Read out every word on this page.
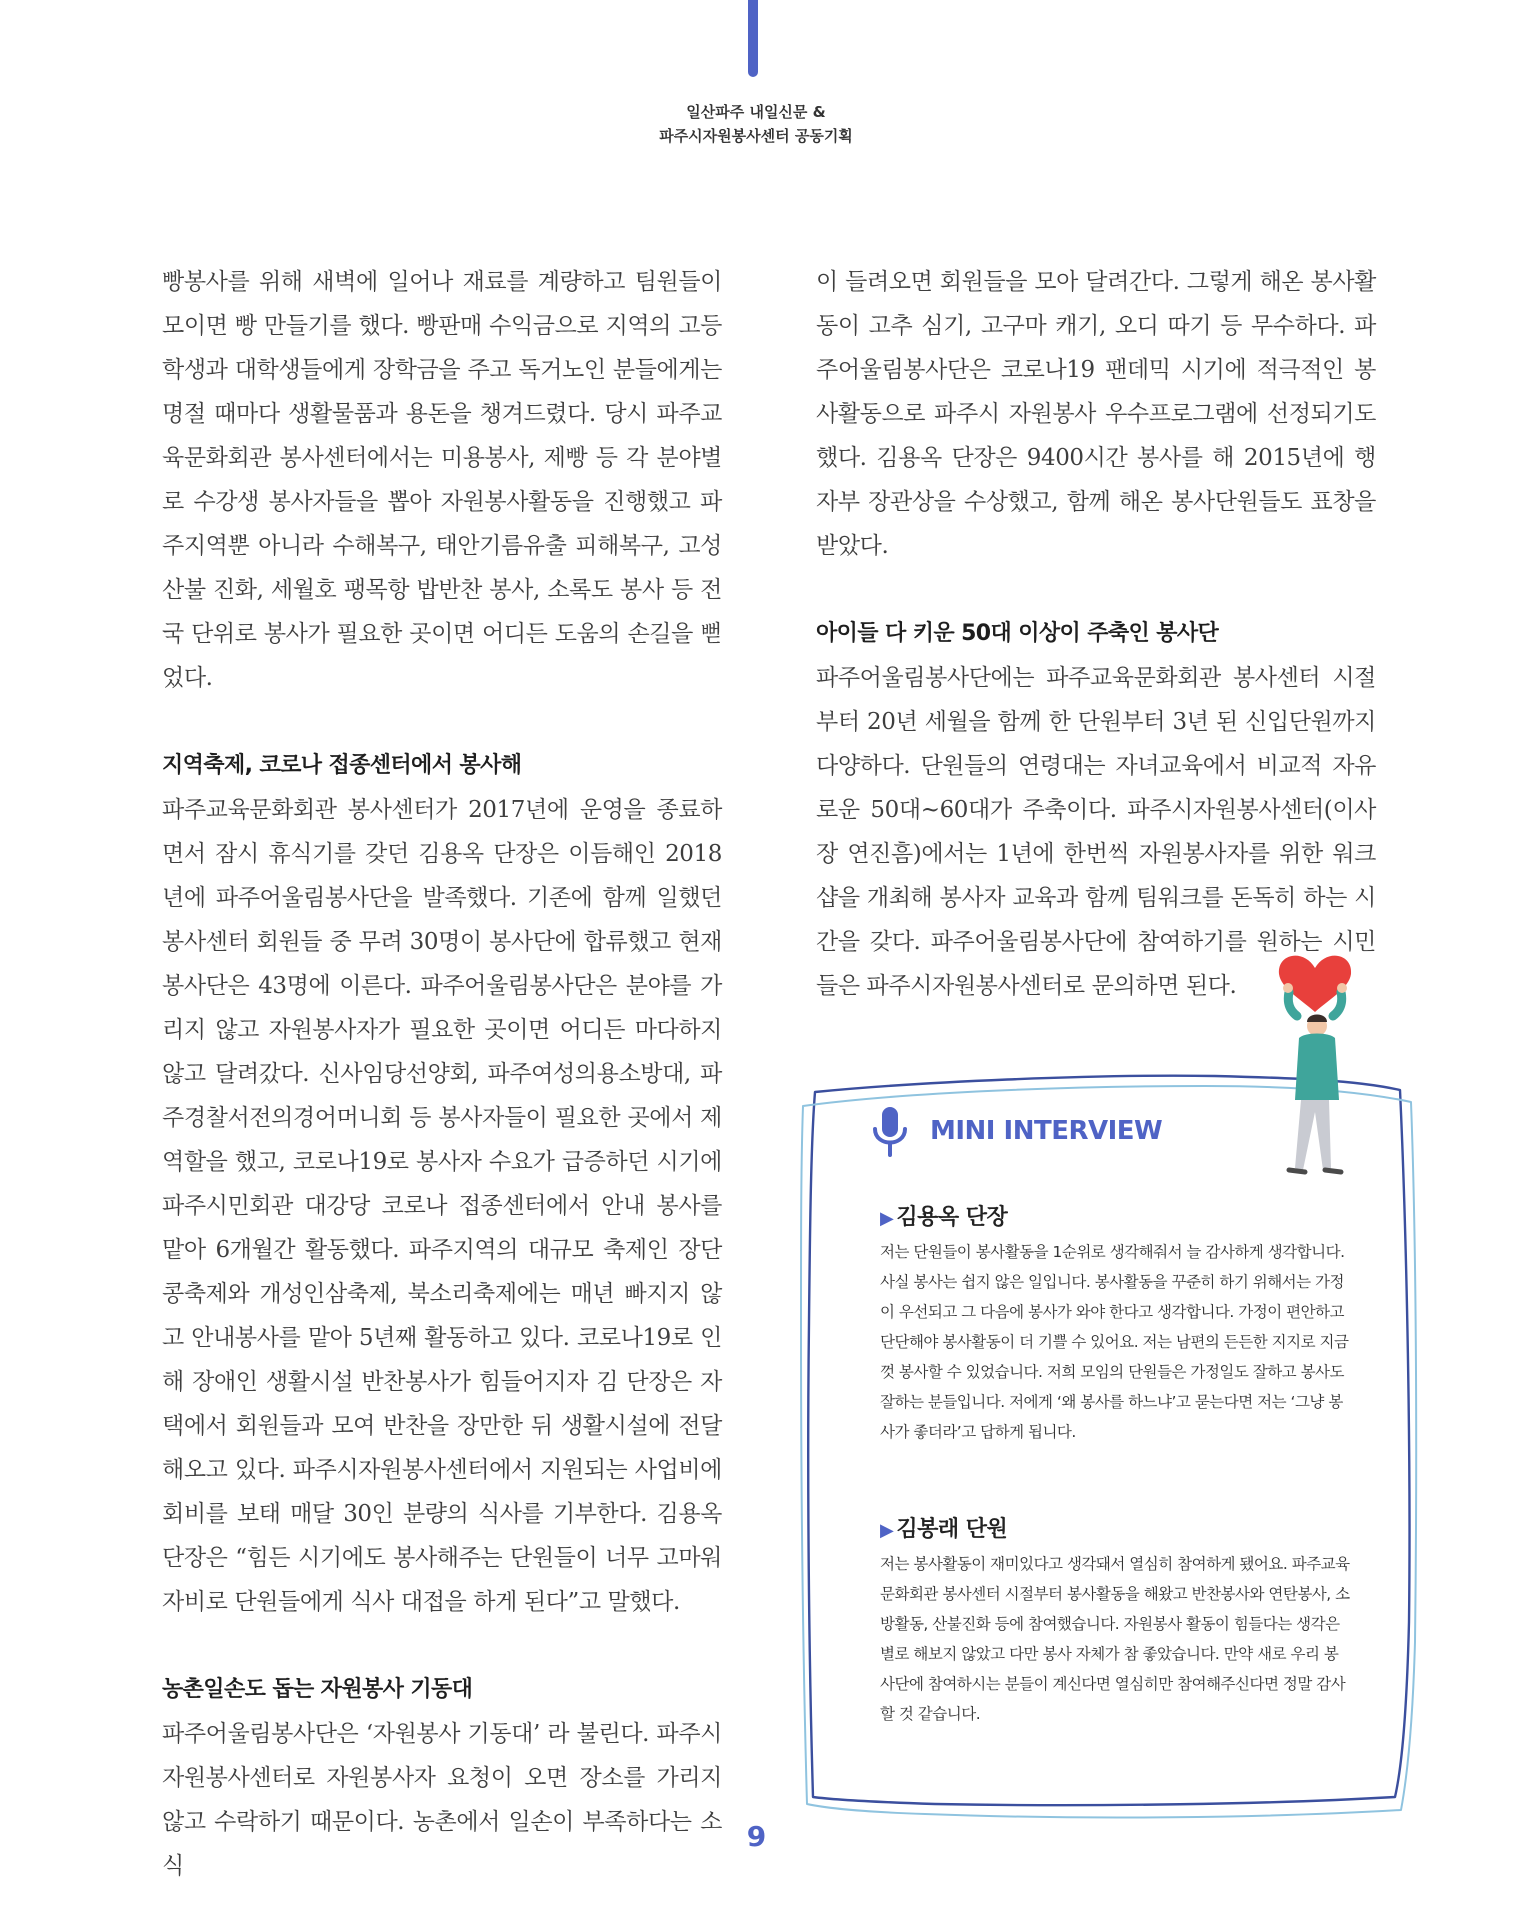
일산파주 내일신문 &
파주시자원봉사센터 공동기획

빵봉사를 위해 새벽에 일어나 재료를 계량하고 팀원들이 모이면 빵 만들기를 했다. 빵판매 수익금으로 지역의 고등학생과 대학생들에게 장학금을 주고 독거노인 분들에게는 명절 때마다 생활물품과 용돈을 챙겨드렸다. 당시 파주교육문화회관 봉사센터에서는 미용봉사, 제빵 등 각 분야별로 수강생 봉사자들을 뽑아 자원봉사활동을 진행했고 파주지역뿐 아니라 수해복구, 태안기름유출 피해복구, 고성산불 진화, 세월호 팽목항 밥반찬 봉사, 소록도 봉사 등 전국 단위로 봉사가 필요한 곳이면 어디든 도움의 손길을 뻗었다.

지역축제, 코로나 접종센터에서 봉사해

파주교육문화회관 봉사센터가 2017년에 운영을 종료하면서 잠시 휴식기를 갖던 김용옥 단장은 이듬해인 2018년에 파주어울림봉사단을 발족했다. 기존에 함께 일했던 봉사센터 회원들 중 무려 30명이 봉사단에 합류했고 현재 봉사단은 43명에 이른다. 파주어울림봉사단은 분야를 가리지 않고 자원봉사자가 필요한 곳이면 어디든 마다하지 않고 달려갔다. 신사임당선양회, 파주여성의용소방대, 파주경찰서전의경어머니회 등 봉사자들이 필요한 곳에서 제역할을 했고, 코로나19로 봉사자 수요가 급증하던 시기에 파주시민회관 대강당 코로나 접종센터에서 안내 봉사를 맡아 6개월간 활동했다. 파주지역의 대규모 축제인 장단콩축제와 개성인삼축제, 북소리축제에는 매년 빠지지 않고 안내봉사를 맡아 5년째 활동하고 있다. 코로나19로 인해 장애인 생활시설 반찬봉사가 힘들어지자 김 단장은 자택에서 회원들과 모여 반찬을 장만한 뒤 생활시설에 전달해오고 있다. 파주시자원봉사센터에서 지원되는 사업비에 회비를 보태 매달 30인 분량의 식사를 기부한다. 김용옥 단장은 “힘든 시기에도 봉사해주는 단원들이 너무 고마워 자비로 단원들에게 식사 대접을 하게 된다”고 말했다.

농촌일손도 돕는 자원봉사 기동대

파주어울림봉사단은 ‘자원봉사 기동대’ 라 불린다. 파주시자원봉사센터로 자원봉사자 요청이 오면 장소를 가리지 않고 수락하기 때문이다. 농촌에서 일손이 부족하다는 소식

이 들려오면 회원들을 모아 달려간다. 그렇게 해온 봉사활동이 고추 심기, 고구마 캐기, 오디 따기 등 무수하다. 파주어울림봉사단은 코로나19 팬데믹 시기에 적극적인 봉사활동으로 파주시 자원봉사 우수프로그램에 선정되기도 했다. 김용옥 단장은 9400시간 봉사를 해 2015년에 행자부 장관상을 수상했고, 함께 해온 봉사단원들도 표창을 받았다.

아이들 다 키운 50대 이상이 주축인 봉사단

파주어울림봉사단에는 파주교육문화회관 봉사센터 시절부터 20년 세월을 함께 한 단원부터 3년 된 신입단원까지 다양하다. 단원들의 연령대는 자녀교육에서 비교적 자유로운 50대~60대가 주축이다. 파주시자원봉사센터(이사장 연진흠)에서는 1년에 한번씩 자원봉사자를 위한 워크샵을 개최해 봉사자 교육과 함께 팀워크를 돈독히 하는 시간을 갖다. 파주어울림봉사단에 참여하기를 원하는 시민들은 파주시자원봉사센터로 문의하면 된다.

MINI INTERVIEW
▶ 김용옥 단장

저는 단원들이 봉사활동을 1순위로 생각해줘서 늘 감사하게 생각합니다. 사실 봉사는 쉽지 않은 일입니다. 봉사활동을 꾸준히 하기 위해서는 가정이 우선되고 그 다음에 봉사가 와야 한다고 생각합니다. 가정이 편안하고 단단해야 봉사활동이 더 기쁠 수 있어요. 저는 남편의 든든한 지지로 지금껏 봉사할 수 있었습니다. 저희 모임의 단원들은 가정일도 잘하고 봉사도 잘하는 분들입니다. 저에게 ‘왜 봉사를 하느냐’고 묻는다면 저는 ‘그냥 봉사가 좋더라’고 답하게 됩니다.

▶ 김봉래 단원

저는 봉사활동이 재미있다고 생각돼서 열심히 참여하게 됐어요. 파주교육문화회관 봉사센터 시절부터 봉사활동을 해왔고 반찬봉사와 연탄봉사, 소방활동, 산불진화 등에 참여했습니다. 자원봉사 활동이 힘들다는 생각은 별로 해보지 않았고 다만 봉사 자체가 참 좋았습니다. 만약 새로 우리 봉사단에 참여하시는 분들이 계신다면 열심히만 참여해주신다면 정말 감사할 것 같습니다.

9
